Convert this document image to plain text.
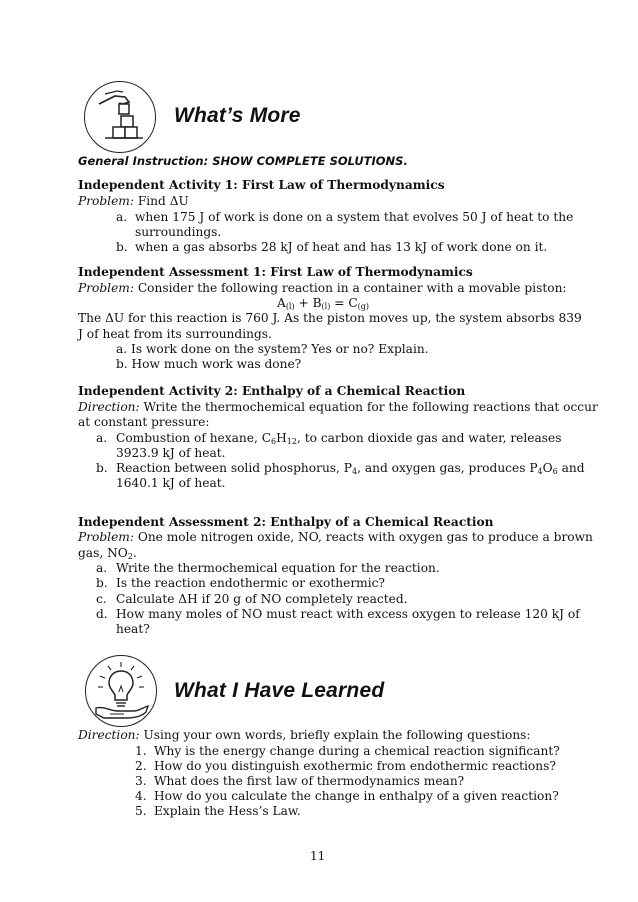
What’s More
General Instruction: SHOW COMPLETE SOLUTIONS.
Independent Activity 1: First Law of Thermodynamics
Problem: Find ΔU
a. when 175 J of work is done on a system that evolves 50 J of heat to the
surroundings.
b. when a gas absorbs 28 kJ of heat and has 13 kJ of work done on it.
Independent Assessment 1: First Law of Thermodynamics
Problem: Consider the following reaction in a container with a movable piston:
$A_{(l)} + B_{(l)} = C_{(g)}$
The ΔU for this reaction is 760 J. As the piston moves up, the system absorbs 839
J of heat from its surroundings.
a. Is work done on the system? Yes or no? Explain.
b. How much work was done?
Independent Activity 2: Enthalpy of a Chemical Reaction
Direction: Write the thermochemical equation for the following reactions that occur
at constant pressure:
a. Combustion of hexane, $C_6H_{12}$, to carbon dioxide gas and water, releases
3923.9 kJ of heat.
b. Reaction between solid phosphorus, $P_4$, and oxygen gas, produces $P_4O_6$ and
1640.1 kJ of heat.
Independent Assessment 2: Enthalpy of a Chemical Reaction
Problem: One mole nitrogen oxide, NO, reacts with oxygen gas to produce a brown
gas, $NO_2$.
a. Write the thermochemical equation for the reaction.
b. Is the reaction endothermic or exothermic?
c. Calculate ΔH if 20 g of NO completely reacted.
d. How many moles of NO must react with excess oxygen to release 120 kJ of
heat?
What I Have Learned
Direction: Using your own words, briefly explain the following questions:
1. Why is the energy change during a chemical reaction significant?
2. How do you distinguish exothermic from endothermic reactions?
3. What does the first law of thermodynamics mean?
4. How do you calculate the change in enthalpy of a given reaction?
5. Explain the Hess’s Law.
11
